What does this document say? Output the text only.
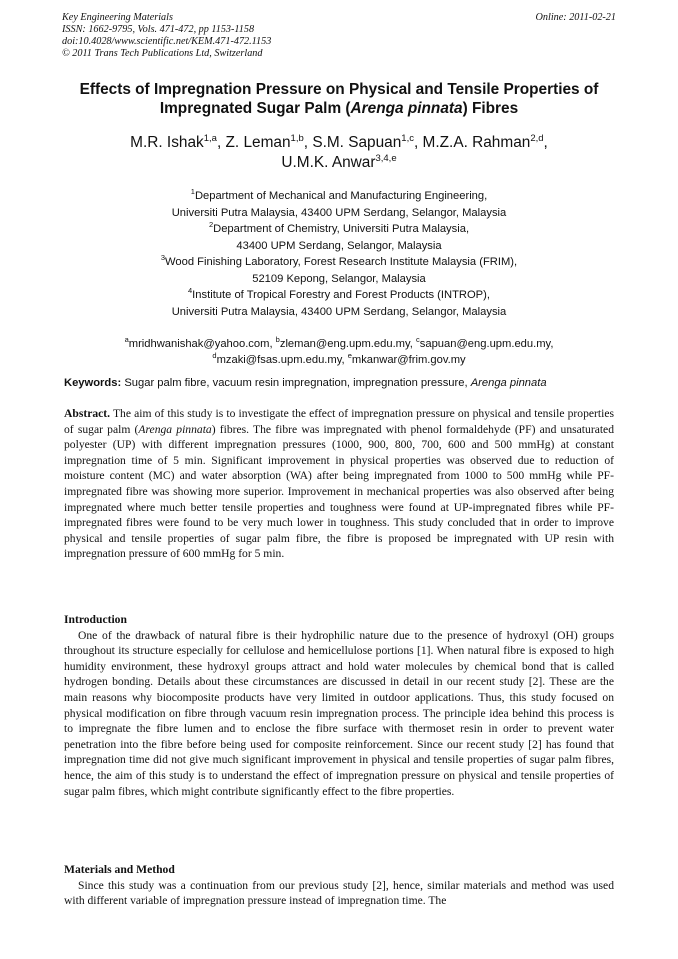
Key Engineering Materials
ISSN: 1662-9795, Vols. 471-472, pp 1153-1158
doi:10.4028/www.scientific.net/KEM.471-472.1153
© 2011 Trans Tech Publications Ltd, Switzerland
Online: 2011-02-21
Effects of Impregnation Pressure on Physical and Tensile Properties of
Impregnated Sugar Palm (Arenga pinnata) Fibres
M.R. Ishak$^{1,a}$, Z. Leman$^{1,b}$, S.M. Sapuan$^{1,c}$, M.Z.A. Rahman$^{2,d}$,
U.M.K. Anwar$^{3,4,e}$
$^1$Department of Mechanical and Manufacturing Engineering,
Universiti Putra Malaysia, 43400 UPM Serdang, Selangor, Malaysia
$^2$Department of Chemistry, Universiti Putra Malaysia,
43400 UPM Serdang, Selangor, Malaysia
$^3$Wood Finishing Laboratory, Forest Research Institute Malaysia (FRIM),
52109 Kepong, Selangor, Malaysia
$^4$Institute of Tropical Forestry and Forest Products (INTROP),
Universiti Putra Malaysia, 43400 UPM Serdang, Selangor, Malaysia
$^a$mridhwanishak@yahoo.com, $^b$zleman@eng.upm.edu.my, $^c$sapuan@eng.upm.edu.my,
$^d$mzaki@fsas.upm.edu.my, $^e$mkanwar@frim.gov.my
Keywords: Sugar palm fibre, vacuum resin impregnation, impregnation pressure, Arenga pinnata
Abstract. The aim of this study is to investigate the effect of impregnation pressure on physical and tensile properties of sugar palm (Arenga pinnata) fibres. The fibre was impregnated with phenol formaldehyde (PF) and unsaturated polyester (UP) with different impregnation pressures (1000, 900, 800, 700, 600 and 500 mmHg) at constant impregnation time of 5 min. Significant improvement in physical properties was observed due to reduction of moisture content (MC) and water absorption (WA) after being impregnated from 1000 to 500 mmHg while PF-impregnated fibre was showing more superior. Improvement in mechanical properties was also observed after being impregnated where much better tensile properties and toughness were found at UP-impregnated fibres while PF-impregnated fibres were found to be very much lower in toughness. This study concluded that in order to improve physical and tensile properties of sugar palm fibre, the fibre is proposed be impregnated with UP resin with impregnation pressure of 600 mmHg for 5 min.
Introduction

One of the drawback of natural fibre is their hydrophilic nature due to the presence of hydroxyl (OH) groups throughout its structure especially for cellulose and hemicellulose portions [1]. When natural fibre is exposed to high humidity environment, these hydroxyl groups attract and hold water molecules by chemical bond that is called hydrogen bonding. Details about these circumstances are discussed in detail in our recent study [2]. These are the main reasons why biocomposite products have very limited in outdoor applications. Thus, this study focused on physical modification on fibre through vacuum resin impregnation process. The principle idea behind this process is to impregnate the fibre lumen and to enclose the fibre surface with thermoset resin in order to prevent water penetration into the fibre before being used for composite reinforcement. Since our recent study [2] has found that impregnation time did not give much significant improvement in physical and tensile properties of sugar palm fibres, hence, the aim of this study is to understand the effect of impregnation pressure on physical and tensile properties of sugar palm fibres, which might contribute significantly effect to the fibre properties.

Materials and Method

Since this study was a continuation from our previous study [2], hence, similar materials and method was used with different variable of impregnation pressure instead of impregnation time. The
